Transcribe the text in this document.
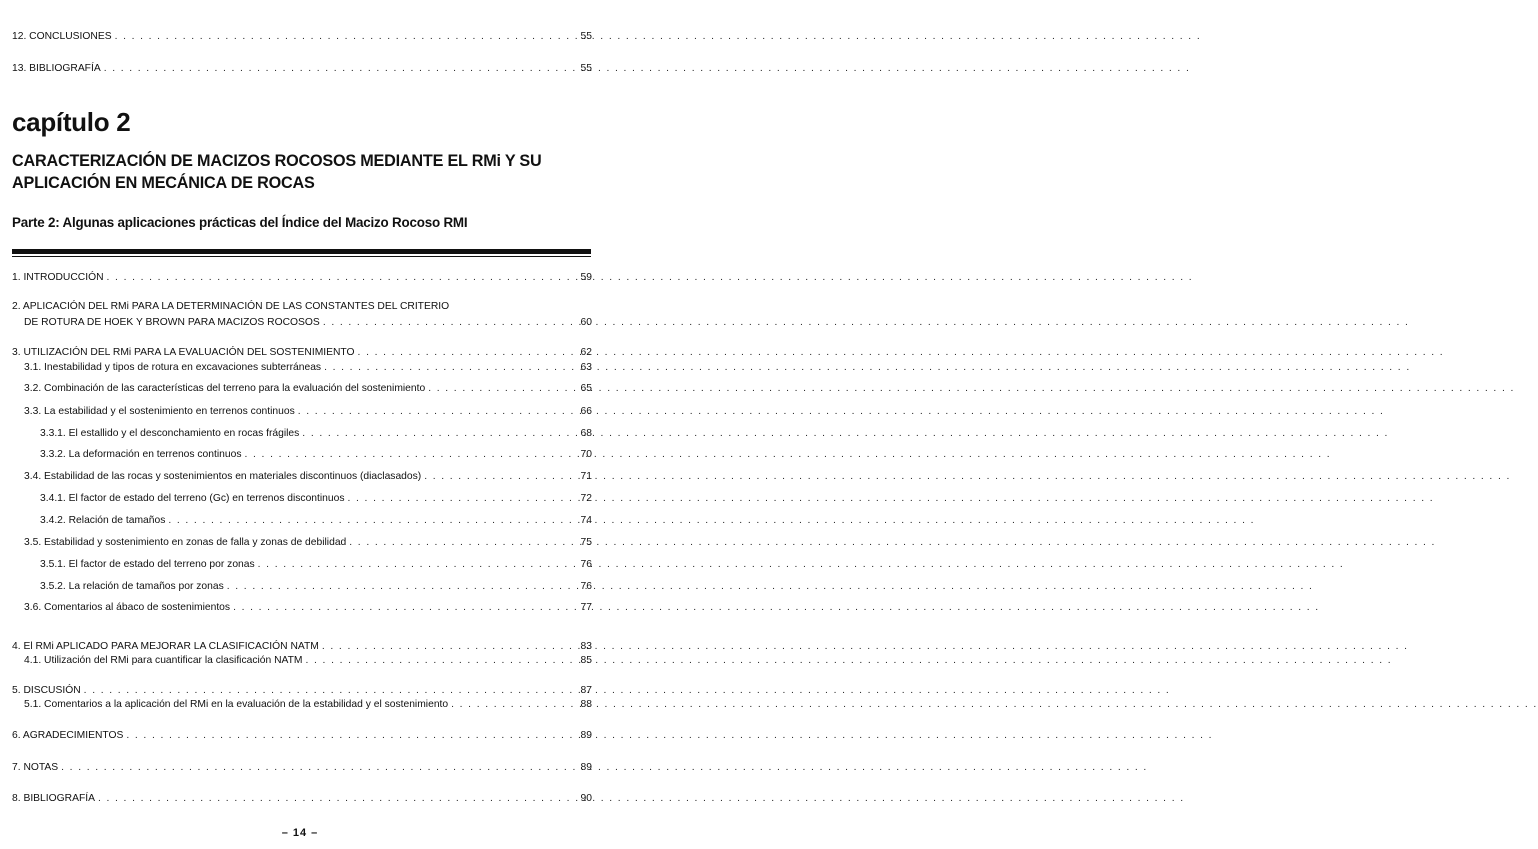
12. CONCLUSIONES . . .	55
13. BIBLIOGRAFÍA . . .	55
capítulo 2
CARACTERIZACIÓN DE MACIZOS ROCOSOS MEDIANTE EL RMi Y SU APLICACIÓN EN MECÁNICA DE ROCAS
Parte 2: Algunas aplicaciones prácticas del Índice del Macizo Rocoso RMI
1. INTRODUCCIÓN . . .	59
2. APLICACIÓN DEL RMi PARA LA DETERMINACIÓN DE LAS CONSTANTES DEL CRITERIO
DE ROTURA DE HOEK Y BROWN PARA MACIZOS ROCOSOS . . .	60
3. UTILIZACIÓN DEL RMi PARA LA EVALUACIÓN DEL SOSTENIMIENTO . . .	62
3.1. Inestabilidad y tipos de rotura en excavaciones subterráneas . . .	63
3.2. Combinación de las características del terreno para la evaluación del sostenimiento . . .	65
3.3. La estabilidad y el sostenimiento en terrenos continuos . . .	66
3.3.1. El estallido y el desconchamiento en rocas frágiles . . .	68
3.3.2. La deformación en terrenos continuos . . .	70
3.4. Estabilidad de las rocas y sostenimientos en materiales discontinuos (diaclasados) . . .	71
3.4.1. El factor de estado del terreno (Gc) en terrenos discontinuos . . .	72
3.4.2. Relación de tamaños . . .	74
3.5. Estabilidad y sostenimiento en zonas de falla y zonas de debilidad . . .	75
3.5.1. El factor de estado del terreno por zonas . . .	76
3.5.2. La relación de tamaños por zonas . . .	76
3.6. Comentarios al ábaco de sostenimientos . . .	77
4. El RMi APLICADO PARA MEJORAR LA CLASIFICACIÓN NATM . . .	83
4.1. Utilización del RMi para cuantificar la clasificación NATM . . .	85
5. DISCUSIÓN . . .	87
5.1. Comentarios a la aplicación del RMi en la evaluación de la estabilidad y el sostenimiento . . .	88
6. AGRADECIMIENTOS . . .	89
7. NOTAS . . .	89
8. BIBLIOGRAFÍA . . .	90
– 14 –
